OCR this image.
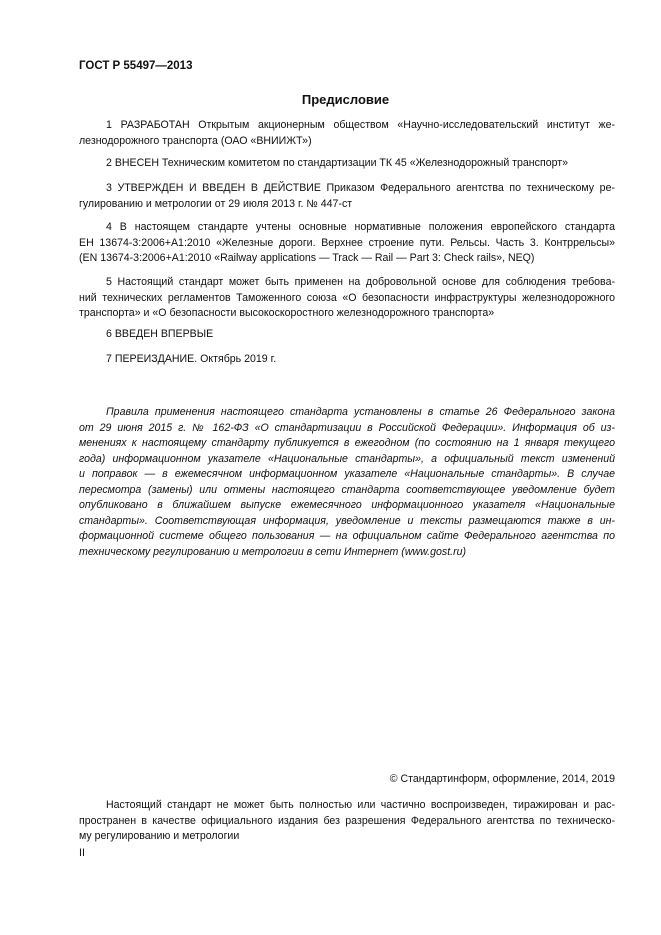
ГОСТ Р 55497—2013
Предисловие
1 РАЗРАБОТАН Открытым акционерным обществом «Научно-исследовательский институт же-
лезнодорожного транспорта (ОАО «ВНИИЖТ»)
2 ВНЕСЕН Техническим комитетом по стандартизации ТК 45 «Железнодорожный транспорт»
3 УТВЕРЖДЕН И ВВЕДЕН В ДЕЙСТВИЕ Приказом Федерального агентства по техническому ре-
гулированию и метрологии от 29 июля 2013 г. № 447-ст
4 В настоящем стандарте учтены основные нормативные положения европейского стандарта
ЕН 13674-3:2006+А1:2010 «Железные дороги. Верхнее строение пути. Рельсы. Часть 3. Контррельсы»
(EN 13674-3:2006+A1:2010 «Railway applications — Track — Rail — Part 3: Check rails», NEQ)
5 Настоящий стандарт может быть применен на добровольной основе для соблюдения требова-
ний технических регламентов Таможенного союза «О безопасности инфраструктуры железнодорожного
транспорта» и «О безопасности высокоскоростного железнодорожного транспорта»
6 ВВЕДЕН ВПЕРВЫЕ
7 ПЕРЕИЗДАНИЕ. Октябрь 2019 г.
Правила применения настоящего стандарта установлены в статье 26 Федерального закона
от 29 июня 2015 г. № 162-ФЗ «О стандартизации в Российской Федерации». Информация об из-
менениях к настоящему стандарту публикуется в ежегодном (по состоянию на 1 января текущего
года) информационном указателе «Национальные стандарты», а официальный текст изменений
и поправок — в ежемесячном информационном указателе «Национальные стандарты». В случае
пересмотра (замены) или отмены настоящего стандарта соответствующее уведомление будет
опубликовано в ближайшем выпуске ежемесячного информационного указателя «Национальные
стандарты». Соответствующая информация, уведомление и тексты размещаются также в ин-
формационной системе общего пользования — на официальном сайте Федерального агентства по
техническому регулированию и метрологии в сети Интернет (www.gost.ru)
© Стандартинформ, оформление, 2014, 2019
Настоящий стандарт не может быть полностью или частично воспроизведен, тиражирован и рас-
пространен в качестве официального издания без разрешения Федерального агентства по техническо-
му регулированию и метрологии
II
